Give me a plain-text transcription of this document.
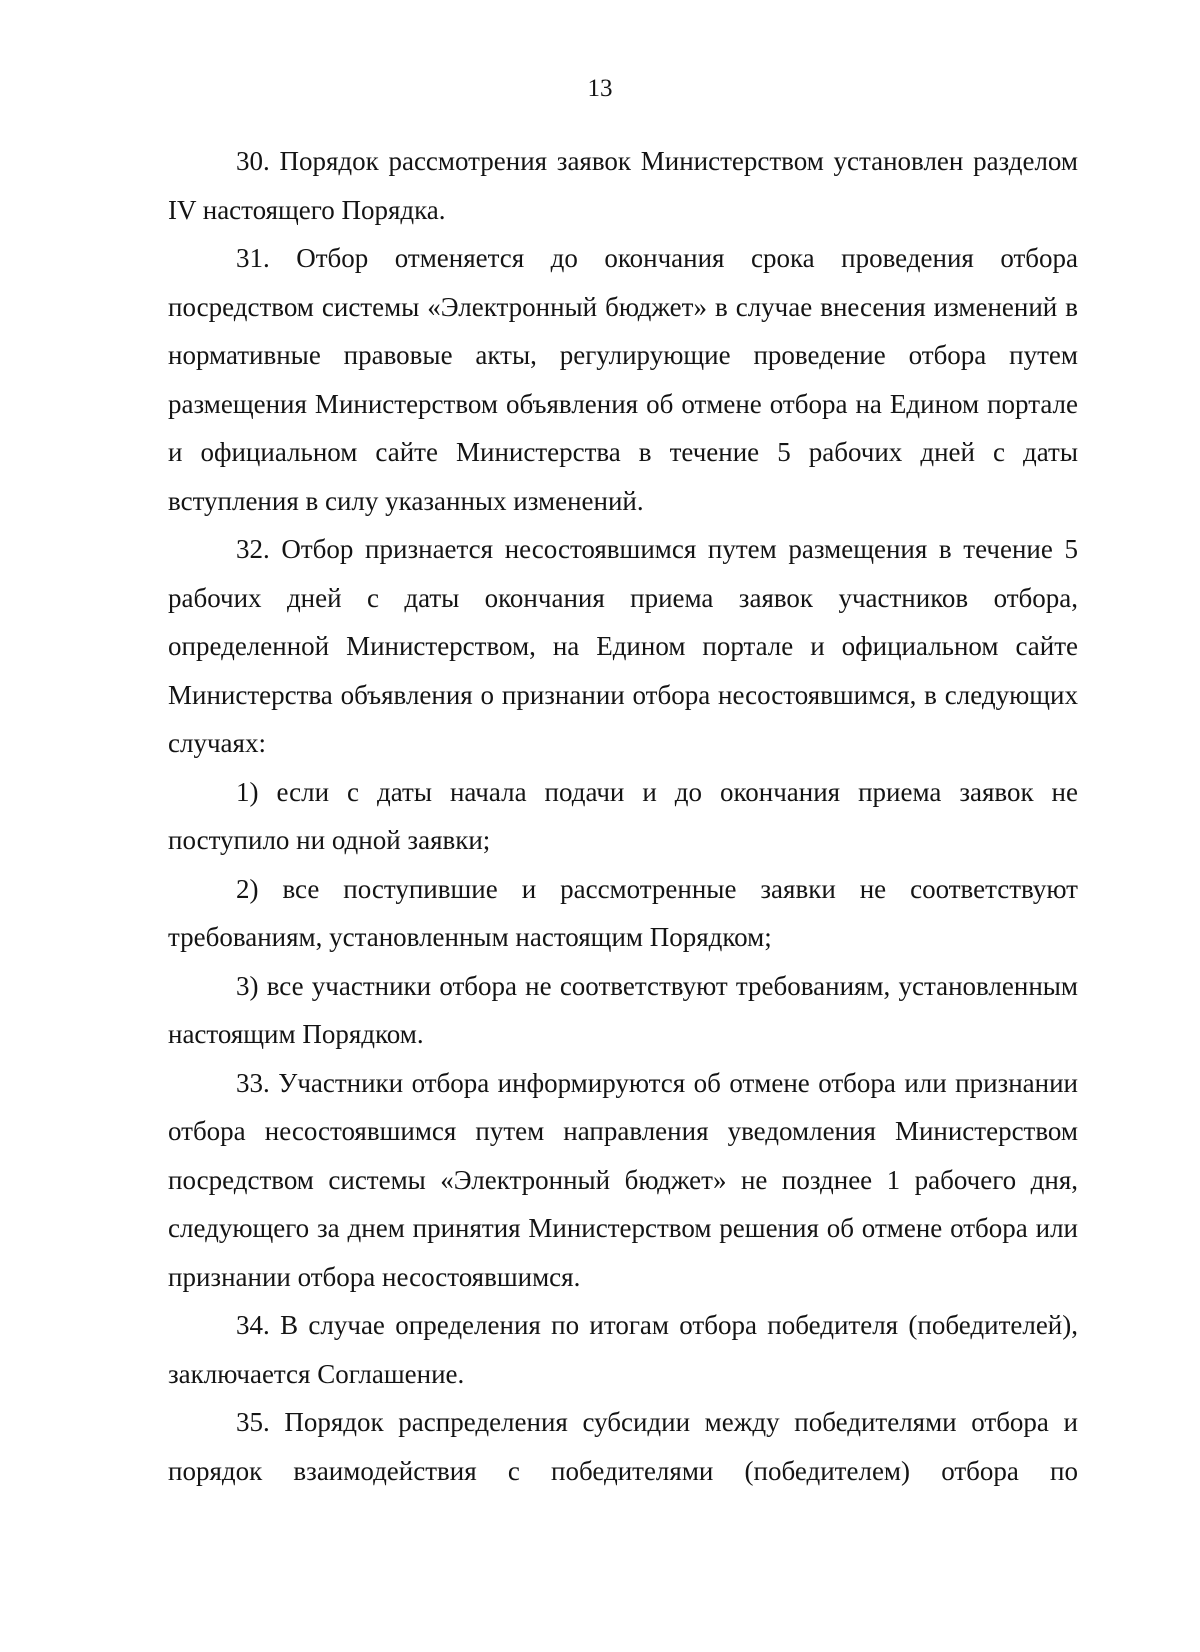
13

30. Порядок рассмотрения заявок Министерством установлен разделом IV настоящего Порядка.

31. Отбор отменяется до окончания срока проведения отбора посредством системы «Электронный бюджет» в случае внесения изменений в нормативные правовые акты, регулирующие проведение отбора путем размещения Министерством объявления об отмене отбора на Едином портале и официальном сайте Министерства в течение 5 рабочих дней с даты вступления в силу указанных изменений.

32. Отбор признается несостоявшимся путем размещения в течение 5 рабочих дней с даты окончания приема заявок участников отбора, определенной Министерством, на Едином портале и официальном сайте Министерства объявления о признании отбора несостоявшимся, в следующих случаях:

1) если с даты начала подачи и до окончания приема заявок не поступило ни одной заявки;

2) все поступившие и рассмотренные заявки не соответствуют требованиям, установленным настоящим Порядком;

3) все участники отбора не соответствуют требованиям, установленным настоящим Порядком.

33. Участники отбора информируются об отмене отбора или признании отбора несостоявшимся путем направления уведомления Министерством посредством системы «Электронный бюджет» не позднее 1 рабочего дня, следующего за днем принятия Министерством решения об отмене отбора или признании отбора несостоявшимся.

34. В случае определения по итогам отбора победителя (победителей), заключается Соглашение.

35. Порядок распределения субсидии между победителями отбора и порядок взаимодействия с победителями (победителем) отбора по
